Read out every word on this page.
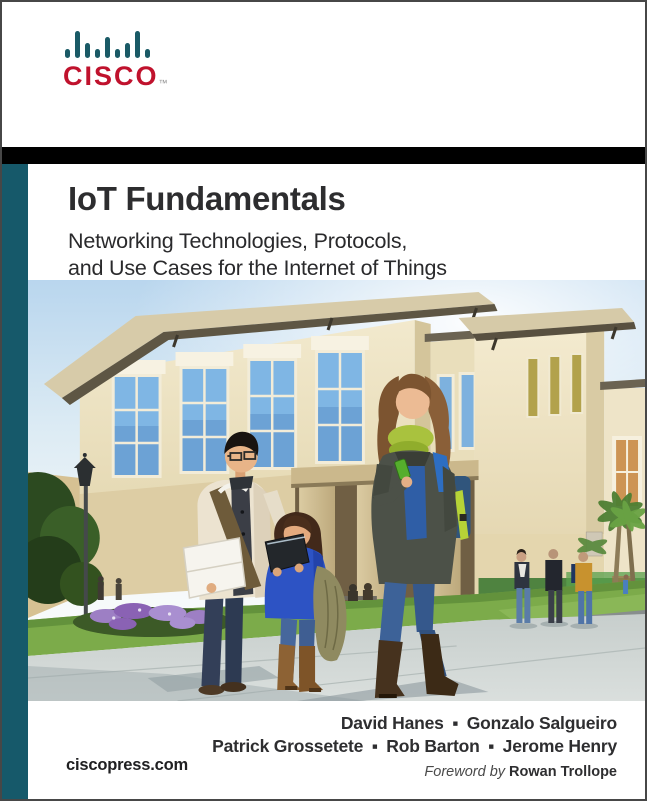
CISCO™
IoT Fundamentals
Networking Technologies, Protocols,
and Use Cases for the Internet of Things
David Hanes ▪ Gonzalo Salgueiro
Patrick Grossetete ▪ Rob Barton ▪ Jerome Henry
Foreword by Rowan Trollope
ciscopress.com
